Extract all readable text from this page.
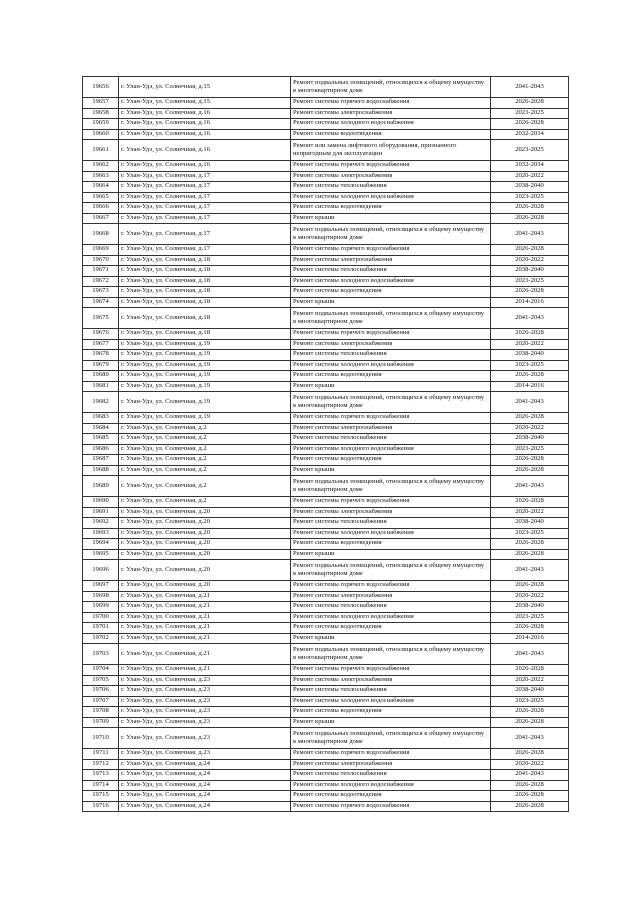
19656	г. Улан-Удэ, ул. Солнечная, д.15	Ремонт подвальных помещений, относящихся к общему имуществу в многоквартирном доме	2041-2043
19657	г. Улан-Удэ, ул. Солнечная, д.15	Ремонт системы горячего водоснабжения	2026-2028
19658	г. Улан-Удэ, ул. Солнечная, д.16	Ремонт системы электроснабжения	2023-2025
19659	г. Улан-Удэ, ул. Солнечная, д.16	Ремонт системы холодного водоснабжения	2026-2028
19660	г. Улан-Удэ, ул. Солнечная, д.16	Ремонт системы водоотведения	2032-2034
19661	г. Улан-Удэ, ул. Солнечная, д.16	Ремонт или замена лифтового оборудования, признанного непригодным для эксплуатации	2023-2025
19662	г. Улан-Удэ, ул. Солнечная, д.16	Ремонт системы горячего водоснабжения	2032-2034
19663	г. Улан-Удэ, ул. Солнечная, д.17	Ремонт системы электроснабжения	2020-2022
19664	г. Улан-Удэ, ул. Солнечная, д.17	Ремонт системы теплоснабжения	2038-2040
19665	г. Улан-Удэ, ул. Солнечная, д.17	Ремонт системы холодного водоснабжения	2023-2025
19666	г. Улан-Удэ, ул. Солнечная, д.17	Ремонт системы водоотведения	2026-2028
19667	г. Улан-Удэ, ул. Солнечная, д.17	Ремонт крыши	2026-2028
19668	г. Улан-Удэ, ул. Солнечная, д.17	Ремонт подвальных помещений, относящихся к общему имуществу в многоквартирном доме	2041-2043
19669	г. Улан-Удэ, ул. Солнечная, д.17	Ремонт системы горячего водоснабжения	2026-2028
19670	г. Улан-Удэ, ул. Солнечная, д.18	Ремонт системы электроснабжения	2020-2022
19671	г. Улан-Удэ, ул. Солнечная, д.18	Ремонт системы теплоснабжения	2038-2040
19672	г. Улан-Удэ, ул. Солнечная, д.18	Ремонт системы холодного водоснабжения	2023-2025
19673	г. Улан-Удэ, ул. Солнечная, д.18	Ремонт системы водоотведения	2026-2028
19674	г. Улан-Удэ, ул. Солнечная, д.18	Ремонт крыши	2014-2016
19675	г. Улан-Удэ, ул. Солнечная, д.18	Ремонт подвальных помещений, относящихся к общему имуществу в многоквартирном доме	2041-2043
19676	г. Улан-Удэ, ул. Солнечная, д.18	Ремонт системы горячего водоснабжения	2026-2028
19677	г. Улан-Удэ, ул. Солнечная, д.19	Ремонт системы электроснабжения	2020-2022
19678	г. Улан-Удэ, ул. Солнечная, д.19	Ремонт системы теплоснабжения	2038-2040
19679	г. Улан-Удэ, ул. Солнечная, д.19	Ремонт системы холодного водоснабжения	2023-2025
19680	г. Улан-Удэ, ул. Солнечная, д.19	Ремонт системы водоотведения	2026-2028
19681	г. Улан-Удэ, ул. Солнечная, д.19	Ремонт крыши	2014-2016
19682	г. Улан-Удэ, ул. Солнечная, д.19	Ремонт подвальных помещений, относящихся к общему имуществу в многоквартирном доме	2041-2043
19683	г. Улан-Удэ, ул. Солнечная, д.19	Ремонт системы горячего водоснабжения	2026-2028
19684	г. Улан-Удэ, ул. Солнечная, д.2	Ремонт системы электроснабжения	2020-2022
19685	г. Улан-Удэ, ул. Солнечная, д.2	Ремонт системы теплоснабжения	2038-2040
19686	г. Улан-Удэ, ул. Солнечная, д.2	Ремонт системы холодного водоснабжения	2023-2025
19687	г. Улан-Удэ, ул. Солнечная, д.2	Ремонт системы водоотведения	2026-2028
19688	г. Улан-Удэ, ул. Солнечная, д.2	Ремонт крыши	2026-2028
19689	г. Улан-Удэ, ул. Солнечная, д.2	Ремонт подвальных помещений, относящихся к общему имуществу в многоквартирном доме	2041-2043
19690	г. Улан-Удэ, ул. Солнечная, д.2	Ремонт системы горячего водоснабжения	2026-2028
19691	г. Улан-Удэ, ул. Солнечная, д.20	Ремонт системы электроснабжения	2020-2022
19692	г. Улан-Удэ, ул. Солнечная, д.20	Ремонт системы теплоснабжения	2038-2040
19693	г. Улан-Удэ, ул. Солнечная, д.20	Ремонт системы холодного водоснабжения	2023-2025
19694	г. Улан-Удэ, ул. Солнечная, д.20	Ремонт системы водоотведения	2026-2028
19695	г. Улан-Удэ, ул. Солнечная, д.20	Ремонт крыши	2026-2028
19696	г. Улан-Удэ, ул. Солнечная, д.20	Ремонт подвальных помещений, относящихся к общему имуществу в многоквартирном доме	2041-2043
19697	г. Улан-Удэ, ул. Солнечная, д.20	Ремонт системы горячего водоснабжения	2026-2028
19698	г. Улан-Удэ, ул. Солнечная, д.21	Ремонт системы электроснабжения	2020-2022
19699	г. Улан-Удэ, ул. Солнечная, д.21	Ремонт системы теплоснабжения	2038-2040
19700	г. Улан-Удэ, ул. Солнечная, д.21	Ремонт системы холодного водоснабжения	2023-2025
19701	г. Улан-Удэ, ул. Солнечная, д.21	Ремонт системы водоотведения	2026-2028
19702	г. Улан-Удэ, ул. Солнечная, д.21	Ремонт крыши	2014-2016
19703	г. Улан-Удэ, ул. Солнечная, д.21	Ремонт подвальных помещений, относящихся к общему имуществу в многоквартирном доме	2041-2043
19704	г. Улан-Удэ, ул. Солнечная, д.21	Ремонт системы горячего водоснабжения	2026-2028
19705	г. Улан-Удэ, ул. Солнечная, д.23	Ремонт системы электроснабжения	2020-2022
19706	г. Улан-Удэ, ул. Солнечная, д.23	Ремонт системы теплоснабжения	2038-2040
19707	г. Улан-Удэ, ул. Солнечная, д.23	Ремонт системы холодного водоснабжения	2023-2025
19708	г. Улан-Удэ, ул. Солнечная, д.23	Ремонт системы водоотведения	2026-2028
19709	г. Улан-Удэ, ул. Солнечная, д.23	Ремонт крыши	2026-2028
19710	г. Улан-Удэ, ул. Солнечная, д.23	Ремонт подвальных помещений, относящихся к общему имуществу в многоквартирном доме	2041-2043
19711	г. Улан-Удэ, ул. Солнечная, д.23	Ремонт системы горячего водоснабжения	2026-2028
19712	г. Улан-Удэ, ул. Солнечная, д.24	Ремонт системы электроснабжения	2020-2022
19713	г. Улан-Удэ, ул. Солнечная, д.24	Ремонт системы теплоснабжения	2041-2043
19714	г. Улан-Удэ, ул. Солнечная, д.24	Ремонт системы холодного водоснабжения	2026-2028
19715	г. Улан-Удэ, ул. Солнечная, д.24	Ремонт системы водоотведения	2026-2028
19716	г. Улан-Удэ, ул. Солнечная, д.24	Ремонт системы горячего водоснабжения	2026-2028
